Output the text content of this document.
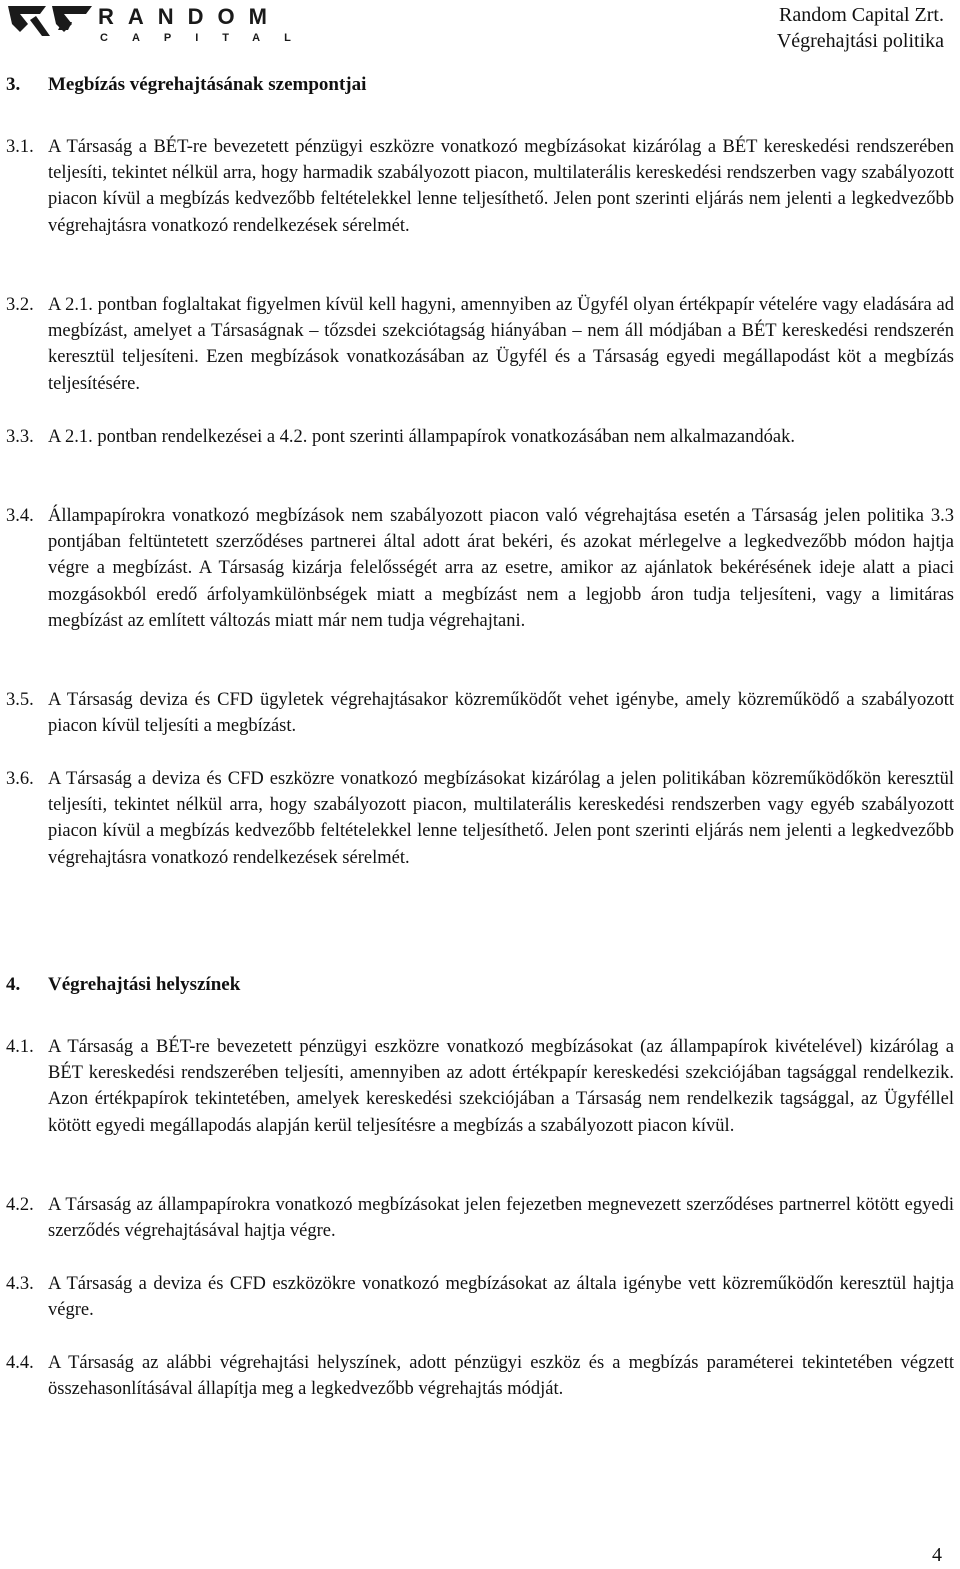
RANDOM
CAPITAL
Random Capital Zrt.
Végrehajtási politika
3. Megbízás végrehajtásának szempontjai
3.1. A Társaság a BÉT-re bevezetett pénzügyi eszközre vonatkozó megbízásokat kizárólag a BÉT kereskedési rendszerében teljesíti, tekintet nélkül arra, hogy harmadik szabályozott piacon, multilaterális kereskedési rendszerben vagy szabályozott piacon kívül a megbízás kedvezőbb feltételekkel lenne teljesíthető. Jelen pont szerinti eljárás nem jelenti a legkedvezőbb végrehajtásra vonatkozó rendelkezések sérelmét.
3.2. A 2.1. pontban foglaltakat figyelmen kívül kell hagyni, amennyiben az Ügyfél olyan értékpapír vételére vagy eladására ad megbízást, amelyet a Társaságnak – tőzsdei szekciótagság hiányában – nem áll módjában a BÉT kereskedési rendszerén keresztül teljesíteni. Ezen megbízások vonatkozásában az Ügyfél és a Társaság egyedi megállapodást köt a megbízás teljesítésére.
3.3. A 2.1. pontban rendelkezései a 4.2. pont szerinti állampapírok vonatkozásában nem alkalmazandóak.
3.4. Állampapírokra vonatkozó megbízások nem szabályozott piacon való végrehajtása esetén a Társaság jelen politika 3.3 pontjában feltüntetett szerződéses partnerei által adott árat bekéri, és azokat mérlegelve a legkedvezőbb módon hajtja végre a megbízást. A Társaság kizárja felelősségét arra az esetre, amikor az ajánlatok bekérésének ideje alatt a piaci mozgásokból eredő árfolyamkülönbségek miatt a megbízást nem a legjobb áron tudja teljesíteni, vagy a limitáras megbízást az említett változás miatt már nem tudja végrehajtani.
3.5. A Társaság deviza és CFD ügyletek végrehajtásakor közreműködőt vehet igénybe, amely közreműködő a szabályozott piacon kívül teljesíti a megbízást.
3.6. A Társaság a deviza és CFD eszközre vonatkozó megbízásokat kizárólag a jelen politikában közreműködőkön keresztül teljesíti, tekintet nélkül arra, hogy szabályozott piacon, multilaterális kereskedési rendszerben vagy egyéb szabályozott piacon kívül a megbízás kedvezőbb feltételekkel lenne teljesíthető. Jelen pont szerinti eljárás nem jelenti a legkedvezőbb végrehajtásra vonatkozó rendelkezések sérelmét.
4. Végrehajtási helyszínek
4.1. A Társaság a BÉT-re bevezetett pénzügyi eszközre vonatkozó megbízásokat (az állampapírok kivételével) kizárólag a BÉT kereskedési rendszerében teljesíti, amennyiben az adott értékpapír kereskedési szekciójában tagsággal rendelkezik. Azon értékpapírok tekintetében, amelyek kereskedési szekciójában a Társaság nem rendelkezik tagsággal, az Ügyféllel kötött egyedi megállapodás alapján kerül teljesítésre a megbízás a szabályozott piacon kívül.
4.2. A Társaság az állampapírokra vonatkozó megbízásokat jelen fejezetben megnevezett szerződéses partnerrel kötött egyedi szerződés végrehajtásával hajtja végre.
4.3. A Társaság a deviza és CFD eszközökre vonatkozó megbízásokat az általa igénybe vett közreműködőn keresztül hajtja végre.
4.4. A Társaság az alábbi végrehajtási helyszínek, adott pénzügyi eszköz és a megbízás paraméterei tekintetében végzett összehasonlításával állapítja meg a legkedvezőbb végrehajtás módját.
4
